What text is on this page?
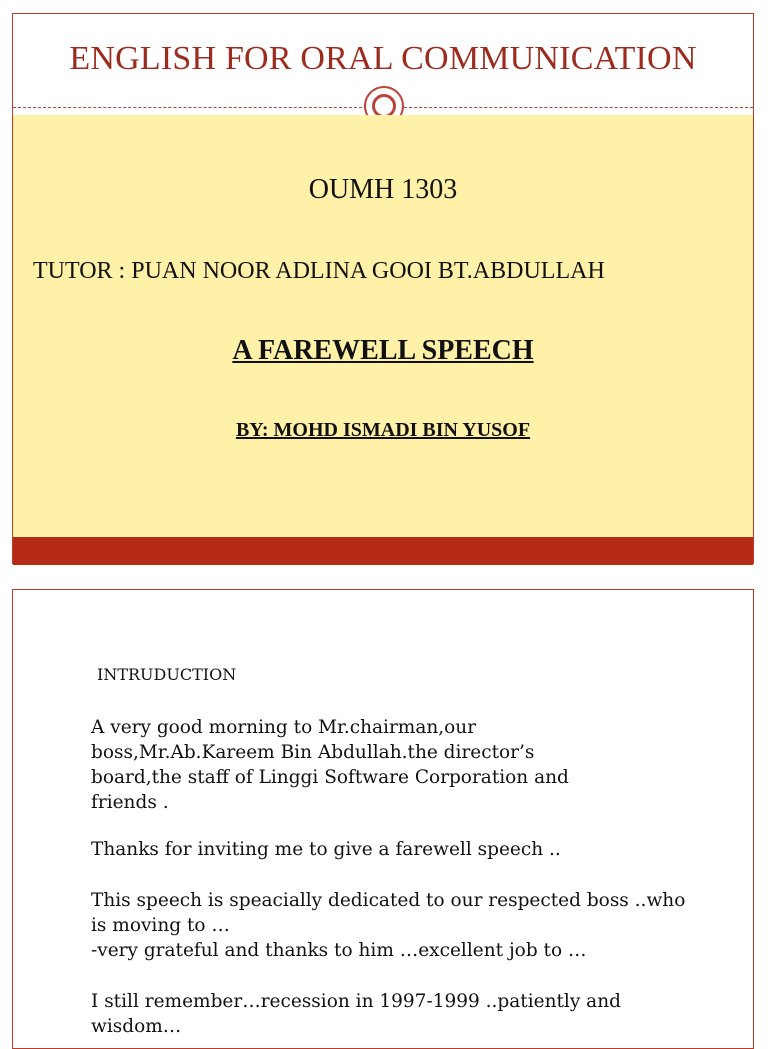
ENGLISH FOR ORAL COMMUNICATION
OUMH 1303
TUTOR : PUAN NOOR ADLINA GOOI BT.ABDULLAH
A FAREWELL SPEECH
BY: MOHD ISMADI BIN YUSOF
INTRUDUCTION
A very good morning to Mr.chairman,our
boss,Mr.Ab.Kareem Bin Abdullah.the director’s
board,the staff of Linggi Software Corporation and
friends .
Thanks for inviting me to give a farewell speech ..
This speech is speacially dedicated to our respected boss ..who
is moving to …
-very grateful and thanks to him …excellent job to …
I still remember…recession in 1997-1999 ..patiently and
wisdom…
